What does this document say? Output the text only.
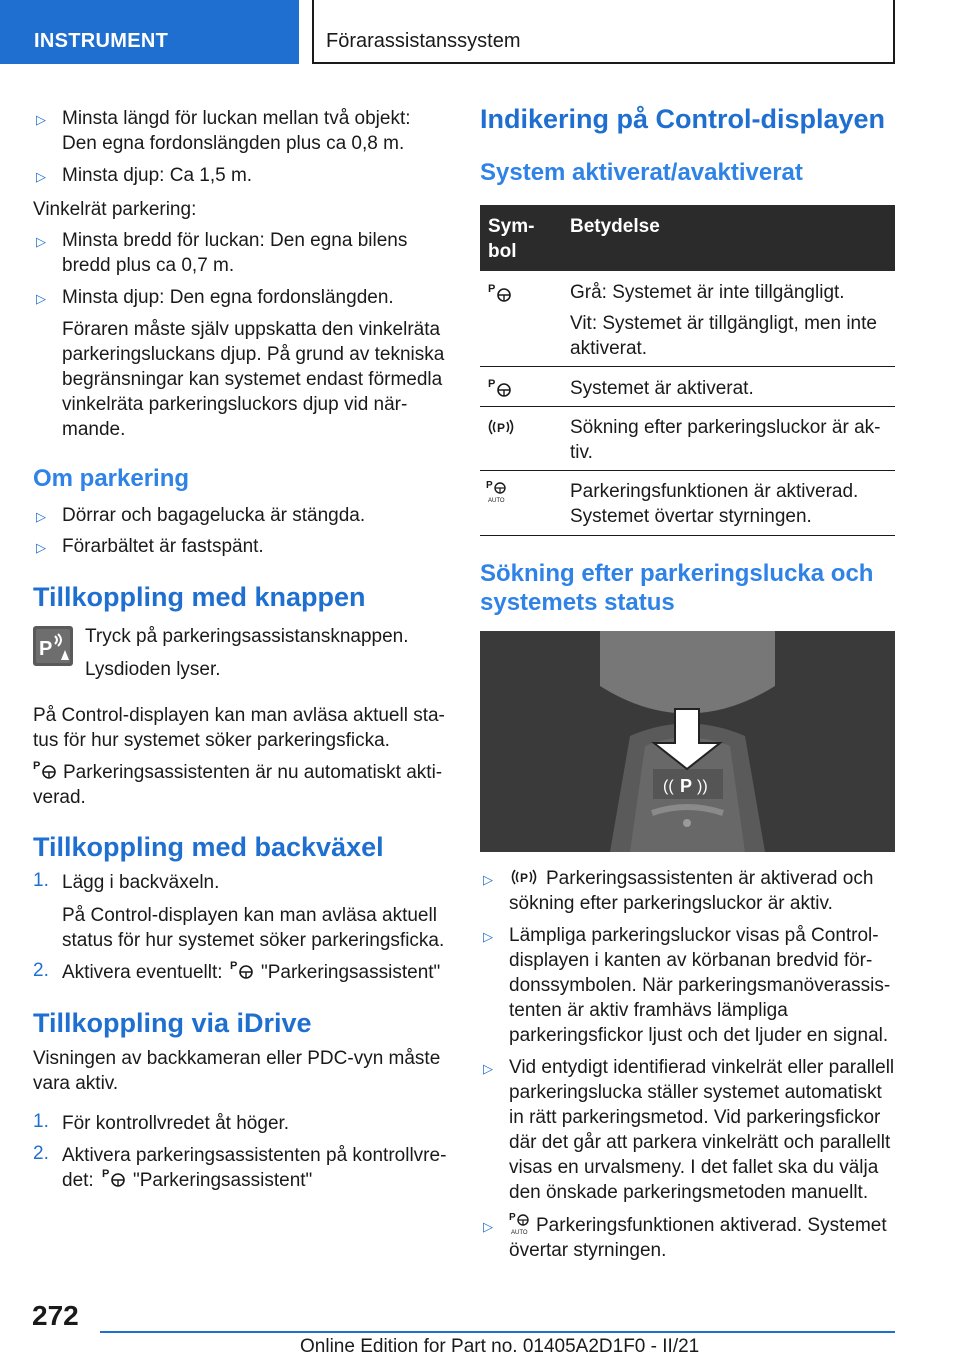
INSTRUMENT	Förarassistanssystem
▷ Minsta längd för luckan mellan två objekt:
Den egna fordonslängden plus ca 0,8 m.
▷ Minsta djup: Ca 1,5 m.
Vinkelrät parkering:
▷ Minsta bredd för luckan: Den egna bilens
bredd plus ca 0,7 m.
▷ Minsta djup: Den egna fordonslängden.
Föraren måste själv uppskatta den vinkelräta
parkeringsluckans djup. På grund av tekniska
begränsningar kan systemet endast förmedla
vinkelräta parkeringsluckors djup vid när-
mande.
Om parkering
▷ Dörrar och bagagelucka är stängda.
▷ Förarbältet är fastspänt.
Tillkoppling med knappen
P
Tryck på parkeringsassistansknappen.
Lysdioden lyser.
På Control-displayen kan man avläsa aktuell sta-
tus för hur systemet söker parkeringsficka.
P Parkeringsassistenten är nu automatiskt akti-
verad.
Tillkoppling med backväxel
1. Lägg i backväxeln.
På Control-displayen kan man avläsa aktuell
status för hur systemet söker parkeringsficka.
2. Aktivera eventuellt: P "Parkeringsassistent"
Tillkoppling via iDrive
Visningen av backkameran eller PDC-vyn måste
vara aktiv.
1. För kontrollvredet åt höger.
2. Aktivera parkeringsassistenten på kontrollvre-
det: P "Parkeringsassistent"
Indikering på Control-displayen
System aktiverat/avaktiverat
Sym-
bol
Betydelse
P	Grå: Systemet är inte tillgängligt.
Vit: Systemet är tillgängligt, men inte
aktiverat.
P	Systemet är aktiverat.
P	Sökning efter parkeringsluckor är ak-
tiv.
P
AUTO	Parkeringsfunktionen är aktiverad.
Systemet övertar styrningen.
Sökning efter parkeringslucka och
systemets status
(( P ))
▷ P Parkeringsassistenten är aktiverad och
sökning efter parkeringsluckor är aktiv.
▷ Lämpliga parkeringsluckor visas på Control-
displayen i kanten av körbanan bredvid för-
donssymbolen. När parkeringsmanöverassis-
tenten är aktiv framhävs lämpliga
parkeringsfickor ljust och det ljuder en signal.
▷ Vid entydigt identifierad vinkelrät eller parallell
parkeringslucka ställer systemet automatiskt
in rätt parkeringsmetod. Vid parkeringsfickor
där det går att parkera vinkelrätt och parallellt
visas en urvalsmeny. I det fallet ska du välja
den önskade parkeringsmetoden manuellt.
▷
P
AUTO Parkeringsfunktionen aktiverad. Systemet
övertar styrningen.
272
Online Edition for Part no. 01405A2D1F0 - II/21
